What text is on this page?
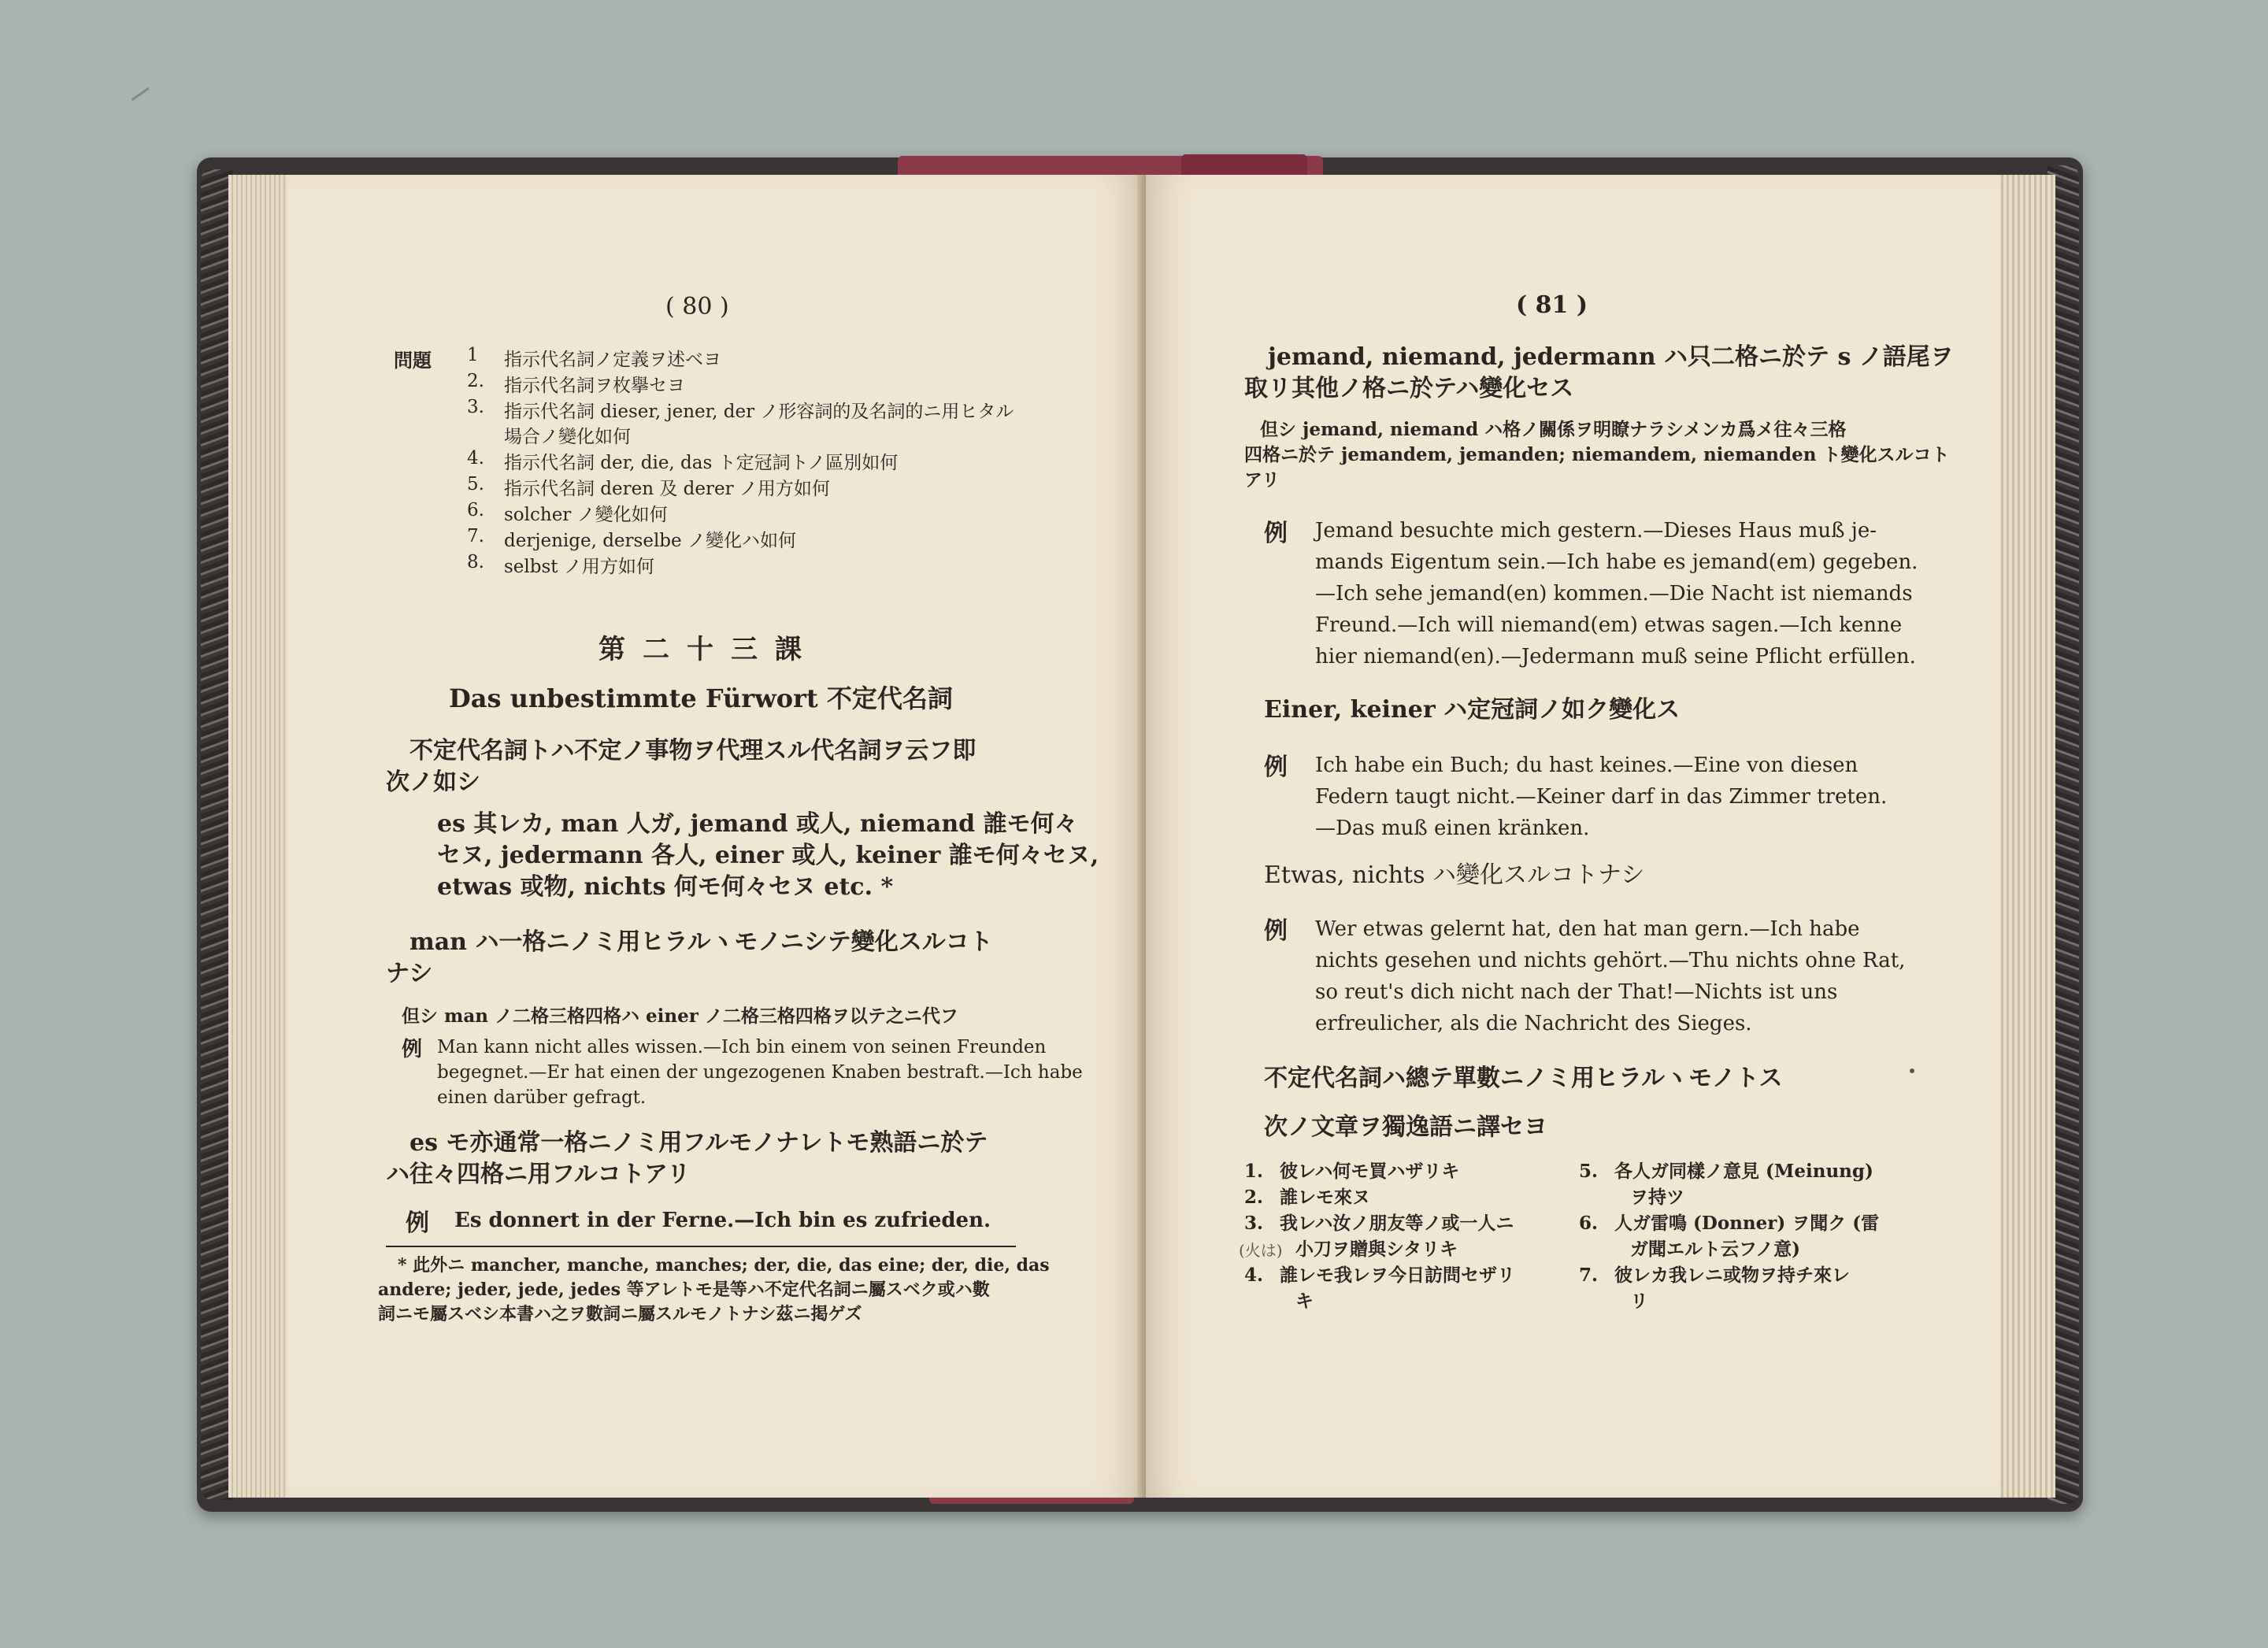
( 80 )

問題 1 指示代名詞ノ定義ヲ述ベヨ

2. 指示代名詞ヲ枚擧セヨ

3. 指示代名詞 dieser, jener, der ノ形容詞的及名詞的ニ用ヒタル

場合ノ變化如何

4. 指示代名詞 der, die, das ト定冠詞トノ區別如何

5. 指示代名詞 deren 及 derer ノ用方如何

6. solcher ノ變化如何

7. derjenige, derselbe ノ變化ハ如何

8. selbst ノ用方如何

第二十三課

Das unbestimmte Fürwort 不定代名詞

不定代名詞トハ不定ノ事物ヲ代理スル代名詞ヲ云フ即

次ノ如シ

es 其レカ, man 人ガ, jemand 或人, niemand 誰モ何々

セヌ, jedermann 各人, einer 或人, keiner 誰モ何々セヌ,

etwas 或物, nichts 何モ何々セヌ etc. *

man ハ一格ニノミ用ヒラルヽモノニシテ變化スルコト

ナシ

但シ man ノ二格三格四格ハ einer ノ二格三格四格ヲ以テ之ニ代フ

例 Man kann nicht alles wissen.—Ich bin einem von seinen Freunden

begegnet.—Er hat einen der ungezogenen Knaben bestraft.—Ich habe

einen darüber gefragt.

es モ亦通常一格ニノミ用フルモノナレトモ熟語ニ於テ

ハ往々四格ニ用フルコトアリ

例 Es donnert in der Ferne.—Ich bin es zufrieden.

* 此外ニ mancher, manche, manches; der, die, das eine; der, die, das

andere; jeder, jede, jedes 等アレトモ是等ハ不定代名詞ニ屬スベク或ハ數

詞ニモ屬スベシ本書ハ之ヲ數詞ニ屬スルモノトナシ茲ニ掲ゲズ

( 81 )

jemand, niemand, jedermann ハ只二格ニ於テ s ノ語尾ヲ

取リ其他ノ格ニ於テハ變化セス

但シ jemand, niemand ハ格ノ關係ヲ明瞭ナラシメンカ爲メ往々三格

四格ニ於テ jemandem, jemanden; niemandem, niemanden ト變化スルコト

アリ

例 Jemand besuchte mich gestern.—Dieses Haus muß je-

mands Eigentum sein.—Ich habe es jemand(em) gegeben.

—Ich sehe jemand(en) kommen.—Die Nacht ist niemands

Freund.—Ich will niemand(em) etwas sagen.—Ich kenne

hier niemand(en).—Jedermann muß seine Pflicht erfüllen.

Einer, keiner ハ定冠詞ノ如ク變化ス

例 Ich habe ein Buch; du hast keines.—Eine von diesen

Federn taugt nicht.—Keiner darf in das Zimmer treten.

—Das muß einen kränken.

Etwas, nichts ハ變化スルコトナシ

例 Wer etwas gelernt hat, den hat man gern.—Ich habe

nichts gesehen und nichts gehört.—Thu nichts ohne Rat,

so reut's dich nicht nach der That!—Nichts ist uns

erfreulicher, als die Nachricht des Sieges.

不定代名詞ハ總テ單數ニノミ用ヒラルヽモノトス

次ノ文章ヲ獨逸語ニ譯セヨ

1. 彼レハ何モ買ハザリキ

2. 誰レモ來ヌ

3. 我レハ汝ノ朋友等ノ或一人ニ

(火は) 小刀ヲ贈與シタリキ

4. 誰レモ我レヲ今日訪問セザリ

キ

5. 各人ガ同樣ノ意見 (Meinung)

ヲ持ツ

6. 人ガ雷鳴 (Donner) ヲ聞ク (雷

ガ聞エルト云フノ意)

7. 彼レカ我レニ或物ヲ持チ來レ

リ
